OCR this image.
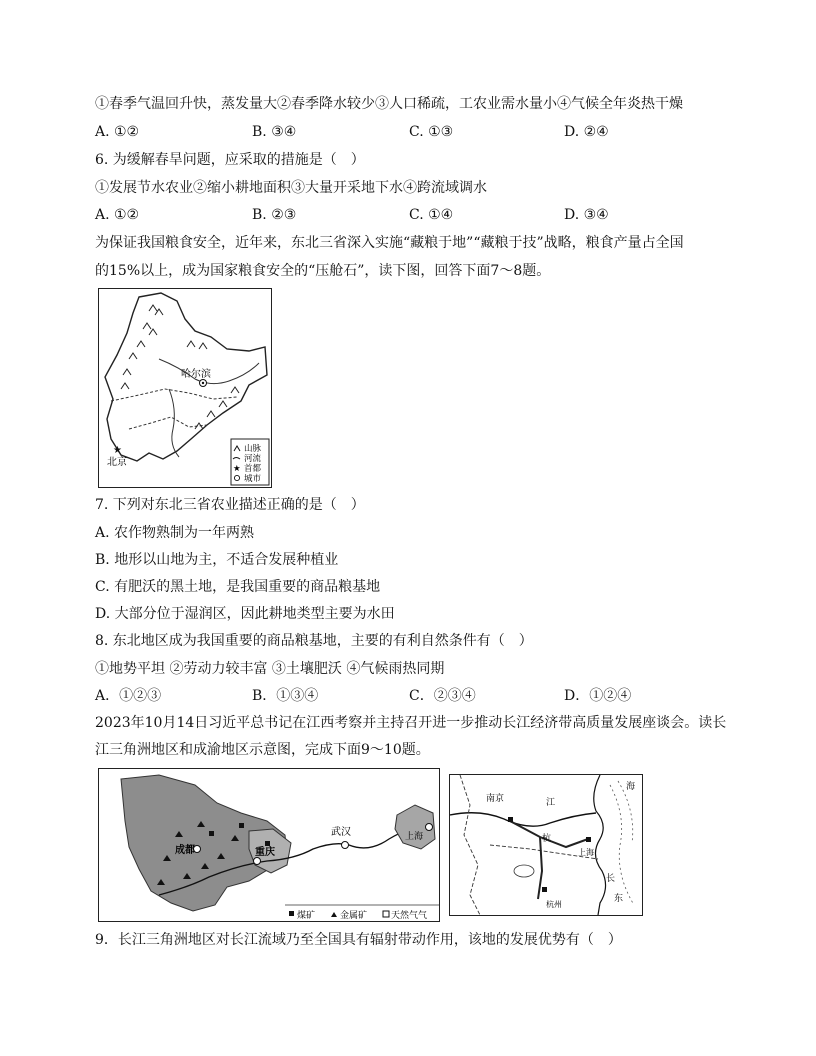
①春季气温回升快，蒸发量大②春季降水较少③人口稀疏，工农业需水量小④气候全年炎热干燥
A. ①②	B. ③④	C. ①③	D. ②④
6. 为缓解春旱问题，应采取的措施是（　）
①发展节水农业②缩小耕地面积③大量开采地下水④跨流域调水
A. ①②	B. ②③	C. ①④	D. ③④
为保证我国粮食安全，近年来，东北三省深入实施“藏粮于地”“藏粮于技”战略，粮食产量占全国
的15%以上，成为国家粮食安全的“压舱石”，读下图，回答下面7～8题。
哈尔滨
★
北京
山脉
河流
★ 首都
城市
7. 下列对东北三省农业描述正确的是（　）
A. 农作物熟制为一年两熟
B. 地形以山地为主，不适合发展种植业
C. 有肥沃的黑土地，是我国重要的商品粮基地
D. 大部分位于湿润区，因此耕地类型主要为水田
8. 东北地区成为我国重要的商品粮基地，主要的有利自然条件有（　）
①地势平坦 ②劳动力较丰富 ③土壤肥沃 ④气候雨热同期
A．①②③	B．①③④	C．②③④	D．①②④
2023年10月14日习近平总书记在江西考察并主持召开进一步推动长江经济带高质量发展座谈会。读长
江三角洲地区和成渝地区示意图，完成下面9～10题。
成都	重庆
武汉	上海
煤矿	金属矿	天然气气
南京	江
杭
上海
杭州
长
海
东
9．长江三角洲地区对长江流域乃至全国具有辐射带动作用，该地的发展优势有（　）
